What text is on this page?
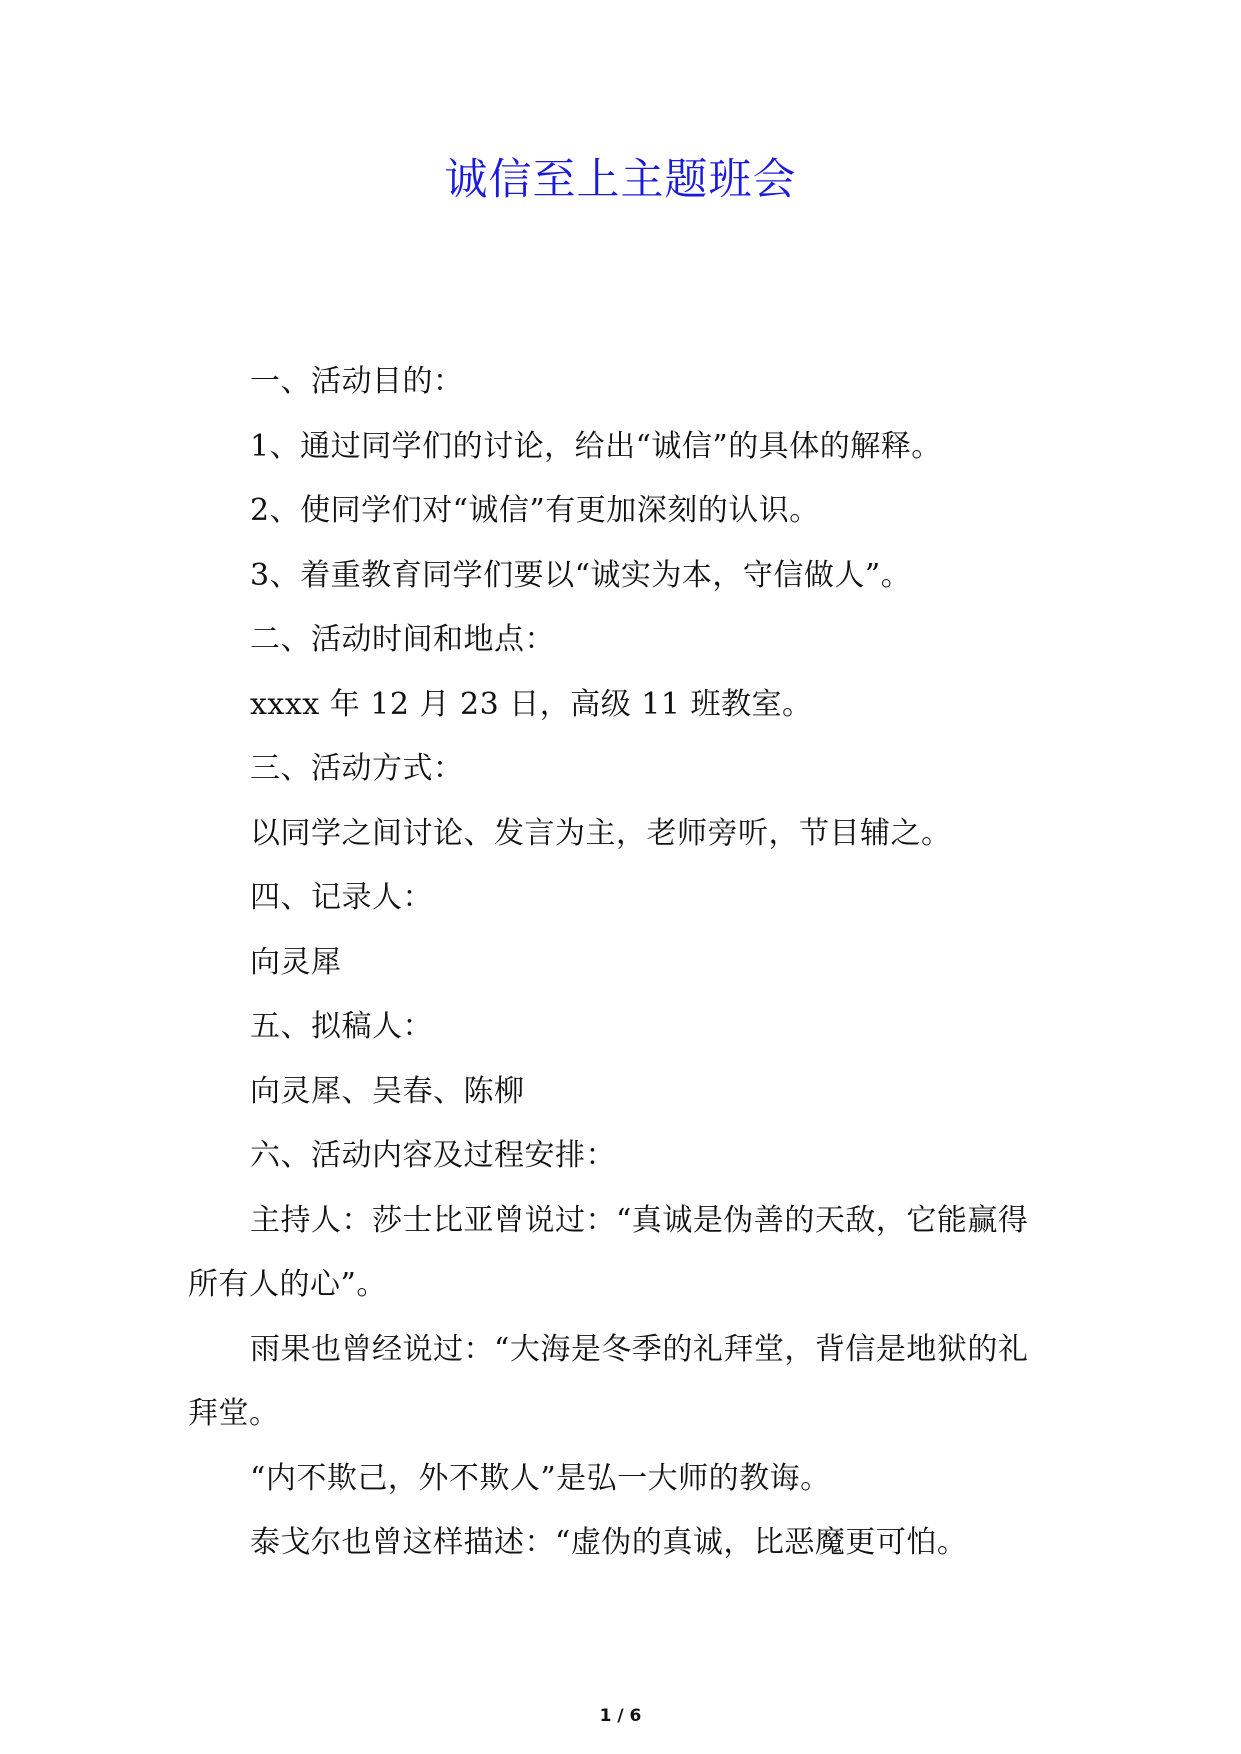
诚信至上主题班会

一、活动目的：

1、通过同学们的讨论，给出“诚信”的具体的解释。

2、使同学们对“诚信”有更加深刻的认识。

3、着重教育同学们要以“诚实为本，守信做人”。

二、活动时间和地点：

xxxx 年 12 月 23 日，高级 11 班教室。

三、活动方式：

以同学之间讨论、发言为主，老师旁听，节目辅之。

四、记录人：

向灵犀

五、拟稿人：

向灵犀、吴春、陈柳

六、活动内容及过程安排：

主持人：莎士比亚曾说过：“真诚是伪善的天敌，它能赢得所有人的心”。

雨果也曾经说过：“大海是冬季的礼拜堂，背信是地狱的礼拜堂。

“内不欺己，外不欺人”是弘一大师的教诲。

泰戈尔也曾这样描述：“虚伪的真诚，比恶魔更可怕。

1 / 6
